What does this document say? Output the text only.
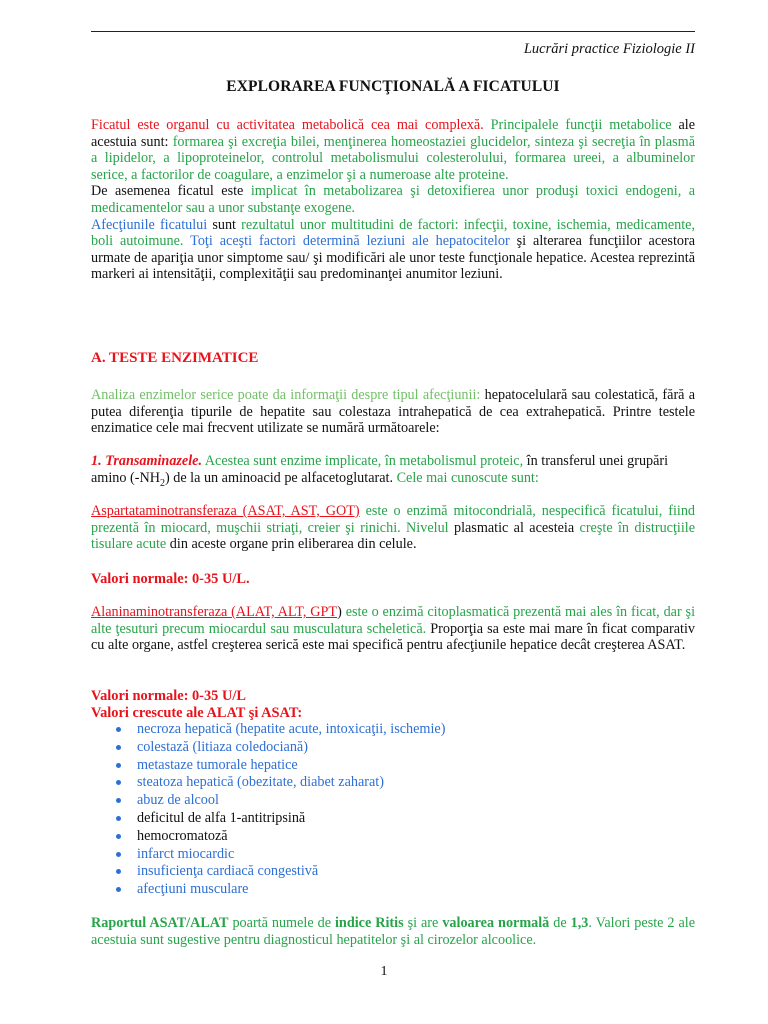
Lucrări practice Fiziologie II
EXPLORAREA FUNCŢIONALĂ A FICATULUI
Ficatul este organul cu activitatea metabolică cea mai complexă. Principalele funcţii metabolice ale acestuia sunt: formarea şi excreţia bilei, menţinerea homeostaziei glucidelor, sinteza şi secreţia în plasmă a lipidelor, a lipoproteinelor, controlul metabolismului colesterolului, formarea ureei, a albuminelor serice, a factorilor de coagulare, a enzimelor şi a numeroase alte proteine.
De asemenea ficatul este implicat în metabolizarea şi detoxifierea unor produşi toxici endogeni, a medicamentelor sau a unor substanţe exogene.
Afecţiunile ficatului sunt rezultatul unor multitudini de factori: infecţii, toxine, ischemia, medicamente, boli autoimune. Toţi aceşti factori determină leziuni ale hepatocitelor şi alterarea funcţiilor acestora urmate de apariţia unor simptome sau/ şi modificări ale unor teste funcţionale hepatice. Acestea reprezintă markeri ai intensităţii, complexităţii sau predominanţei anumitor leziuni.
A. TESTE ENZIMATICE
Analiza enzimelor serice poate da informaţii despre tipul afecţiunii: hepatocelulară sau colestatică, fără a putea diferenţia tipurile de hepatite sau colestaza intrahepatică de cea extrahepatică. Printre testele enzimatice cele mai frecvent utilizate se numără următoarele:
1. Transaminazele. Acestea sunt enzime implicate, în metabolismul proteic, în transferul unei grupări amino $(-NH_2)$ de la un aminoacid pe alfacetoglutarat. Cele mai cunoscute sunt:
Aspartataminotransferaza (ASAT, AST, GOT) este o enzimă mitocondrială, nespecifică ficatului, fiind prezentă în miocard, muşchii striaţi, creier şi rinichi. Nivelul plasmatic al acesteia creşte în distrucţiile tisulare acute din aceste organe prin eliberarea din celule.
Valori normale: 0-35 U/L.
Alaninaminotransferaza (ALAT, ALT, GPT) este o enzimă citoplasmatică prezentă mai ales în ficat, dar şi alte ţesuturi precum miocardul sau musculatura scheletică. Proporţia sa este mai mare în ficat comparativ cu alte organe, astfel creşterea serică este mai specifică pentru afecţiunile hepatice decât creşterea ASAT.
Valori normale: 0-35 U/L
Valori crescute ale ALAT şi ASAT:
necroza hepatică (hepatite acute, intoxicaţii, ischemie)
colestază (litiaza coledociană)
metastaze tumorale hepatice
steatoza hepatică (obezitate, diabet zaharat)
abuz de alcool
deficitul de alfa 1-antitripsină
hemocromatoză
infarct miocardic
insuficienţa cardiacă congestivă
afecţiuni musculare
Raportul ASAT/ALAT poartă numele de indice Ritis şi are valoarea normală de 1,3. Valori peste 2 ale acestuia sunt sugestive pentru diagnosticul hepatitelor şi al cirozelor alcoolice.
1
